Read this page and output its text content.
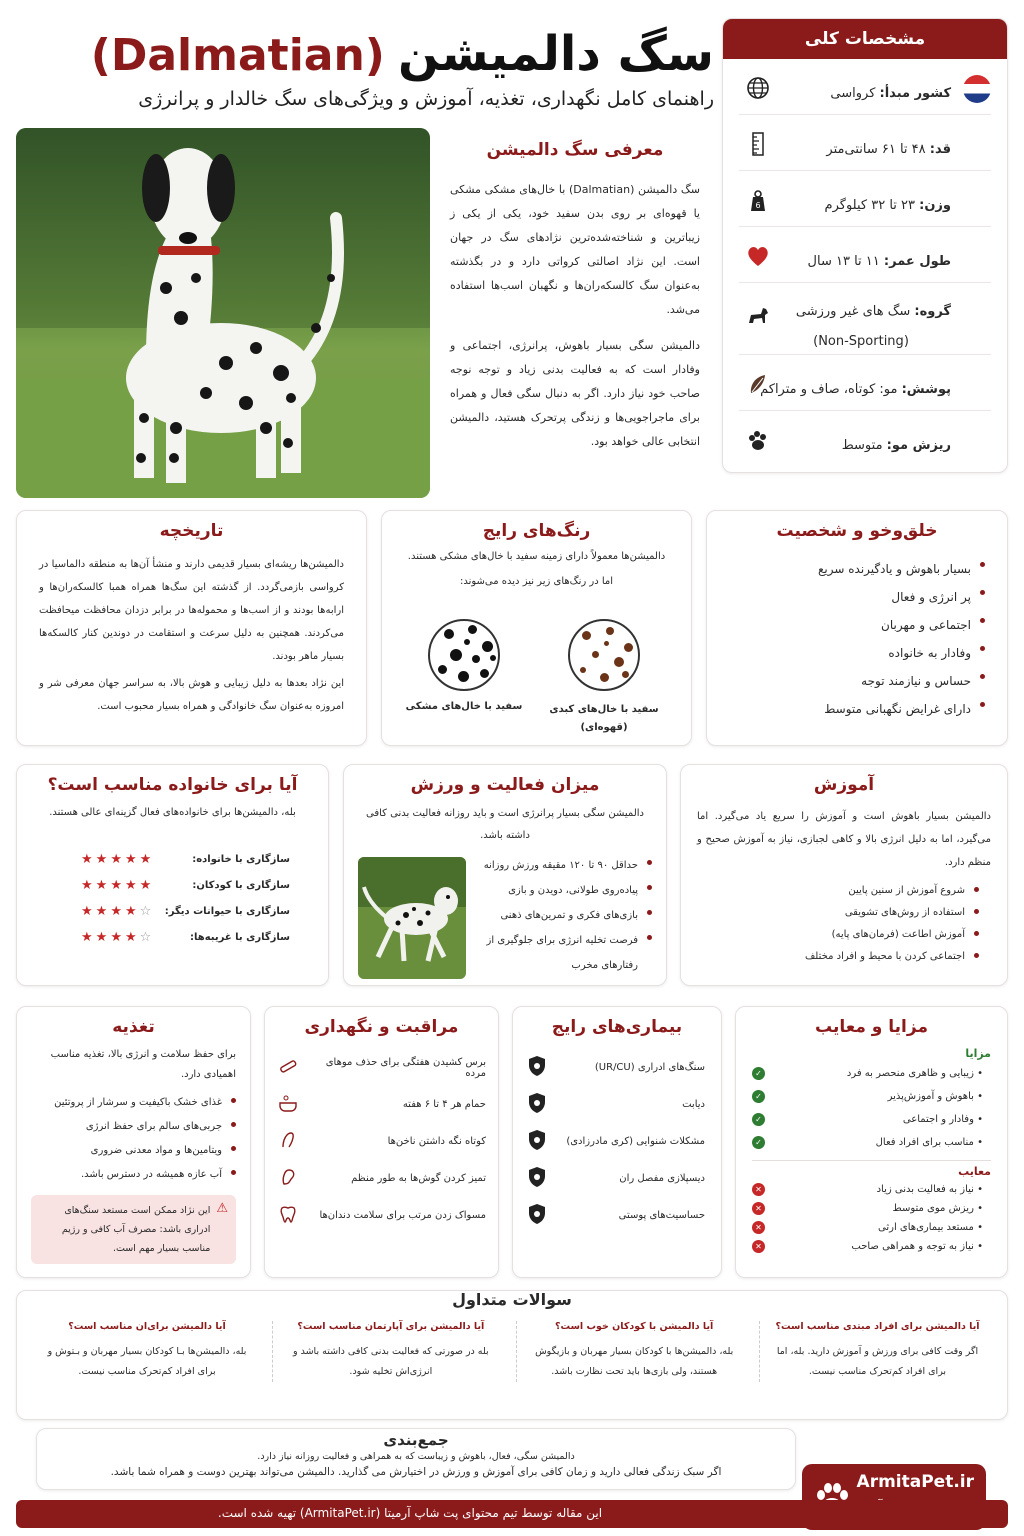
سگ دالمیشن (Dalmatian)
راهنمای کامل نگهداری، تغذیه، آموزش و ویژگی‌های سگ خالدار و پرانرژی
مشخصات کلی
کشور مبدأ: کرواسی
قد: ۴۸ تا ۶۱ سانتی‌متر
وزن: ۲۳ تا ۳۲ کیلوگرم
6
طول عمر: ۱۱ تا ۱۳ سال
گروه: سگ های غیر ورزشی
(Non-Sporting)
پوشش: مو: کوتاه، صاف و متراکم
ریزش مو: متوسط
معرفی سگ دالمیشن

سگ دالمیشن (Dalmatian) با خال‌های مشکی مشکی یا قهوه‌ای بر روی بدن سفید خود، یکی از یکی ز زیباترین و شناخته‌شده‌ترین نژادهای سگ در جهان است. این نژاد اصالتی کرواتی دارد و در بگذشته به‌عنوان سگ کالسکه‌ران‌ها و نگهبان اسب‌ها استفاده می‌شد.

دالمیشن سگی بسیار باهوش، پرانرژی، اجتماعی و وفادار است که به فعالیت بدنی زیاد و توجه نوجه صاحب خود نیاز دارد. اگر به دنبال سگی فعال و همراه برای ماجراجویی‌ها و زندگی پرتحرک هستید، دالمیشن انتخابی عالی خواهد بود.

خلق‌وخو و شخصیت
بسیار باهوش و یادگیرنده سریع
پر انرژی و فعال
اجتماعی و مهربان
وفادار به خانواده
حساس و نیازمند توجه
دارای غرایض نگهبانی متوسط
رنگ‌های رایج
دالمیشن‌ها معمولاً دارای زمینه سفید با خال‌های مشکی هستند.
اما در رنگ‌های زیر نیز دیده می‌شوند:
سفید با خال‌های کبدی
(قهوه‌ای)
سفید با خال‌های مشکی
تاریخچه

دالمیشن‌ها ریشه‌ای بسیار قدیمی دارند و منشأ آن‌ها به منطقه دالماسیا در کرواسی بازمی‌گردد. از گذشته این سگ‌ها همراه همبا کالسکه‌ران‌ها و ارابه‌ها بودند و از اسب‌ها و محموله‌ها در برابر دزدان محافظت میحافظت می‌کردند. همچنین به دلیل سرعت و استقامت در دوندین کنار کالسکه‌ها بسیار ماهر بودند.

این نژاد بعدها به دلیل زیبایی و هوش بالا، به سراسر جهان معرفی شر و امروزه به‌عنوان سگ خانوادگی و همراه بسیار محبوب است.

آموزش

دالمیشن بسیار باهوش است و آموزش را سریع یاد می‌گیرد. اما می‌گیرد، اما به دلیل انرژی بالا و کاهی لجبازی، نیاز به آموزش صحیح و منظم دارد.

شروع آموزش از سنین پایین
استفاده از روش‌های تشویقی
آموزش اطاعت (فرمان‌های پایه)
اجتماعی کردن با محیط و افراد مختلف
میزان فعالیت و ورزش

دالمیشن سگی بسیار پرانرژی است و باید روزانه فعالیت بدنی کافی داشته باشد.

حداقل ۹۰ تا ۱۲۰ مقیقه ورزش روزانه
پیاده‌روی طولانی، دویدن و بازی
بازی‌های فکری و تمرین‌های ذهنی
فرصت تخلیه انرژی برای جلوگیری از رفتارهای مخرب
آیا برای خانواده مناسب است؟

بله، دالمیشن‌ها برای خانواده‌های فعال گزینه‌ای عالی هستند.

سازگاری با خانواده:
★★★★★
سازگاری با کودکان:
★★★★★
سازگاری با حیوانات دیگر:
★★★★☆
سازگاری با غریبه‌ها:
★★★★☆
مزایا و معایب
مزایا
• زیبایی و ظاهری منحصر به فرد
✓
• باهوش و آموزش‌پذیر
✓
• وفادار و اجتماعی
✓
• مناسب برای افراد فعال
✓
معایب
• نیاز به فعالیت بدنی زیاد
✕
• ریزش موی متوسط
✕
• مستعد بیماری‌های ارثی
✕
• نیاز به توجه و همراهی صاحب
✕
بیماری‌های رایج
سنگ‌های ادراری (UR/CU)
دیابت
مشکلات شنوایی (کری مادرزادی)
دیسپلازی مفصل ران
حساسیت‌های پوستی
مراقبت و نگهداری
برس کشیدن هفتگی برای حذف موهای مرده
حمام هر ۴ تا ۶ هفته
کوتاه نگه داشتن ناخن‌ها
تمیز کردن گوش‌ها به طور منظم
مسواک زدن مرتب برای سلامت دندان‌ها
تغذیه

برای حفظ سلامت و انرژی بالا، تغذیه مناسب اهمیادی دارد.

غذای خشک باکیفیت و سرشار از پروتئین
جربی‌های سالم برای حفظ انرژی
ویتامین‌ها و مواد معدنی ضروری
آب عازه همیشه در دسترس باشد.
⚠
این نژاد ممکن است مستعد سنگ‌های ادراری باشد: مصرف آب کافی و رژیم مناسب بسیار مهم است.
سوالات متداول
آیا دالمیشن برای افراد مبتدی مناسب است؟
اگر وقت کافی برای ورزش و آموزش دارید. بله، اما برای افراد کم‌تحرک مناسب نیست.
آیا دالمیشن با کودکان خوب است؟
بله، دالمیشن‌ها با کودکان بسیار مهربان و بازیگوش هستند، ولی بازی‌ها باید تحت نظارت باشد.
آیا دالمیشن برای آپارتمان مناسب است؟
بله در صورتی که فعالیت بدنی کافی داشته باشد و انرژی‌اش تخلیه شود.
آیا دالمیشن برای‌ان مناسب است؟
بله، دالمیشن‌ها بـا کودکان بسیار مهربان و بـتوش و برای افراد کم‌تحرک مناسب نیست.
جمع‌بندی
دالمیشن سگی، فعال، باهوش و زیباست که به همراهی و فعالیت روزانه نیاز دارد.
اگر سبک زندگی فعالی دارید و زمان کافی برای آموزش و ورزش در اختیارش می‌ گذارید. دالمیشن می‌تواند بهترین دوست و همراه شما باشد.	ArmitaPet.ir
این مقاله توسط تیم محتوای پت شاپ آرمیتا (ArmitaPet.ir) تهیه شده است.
